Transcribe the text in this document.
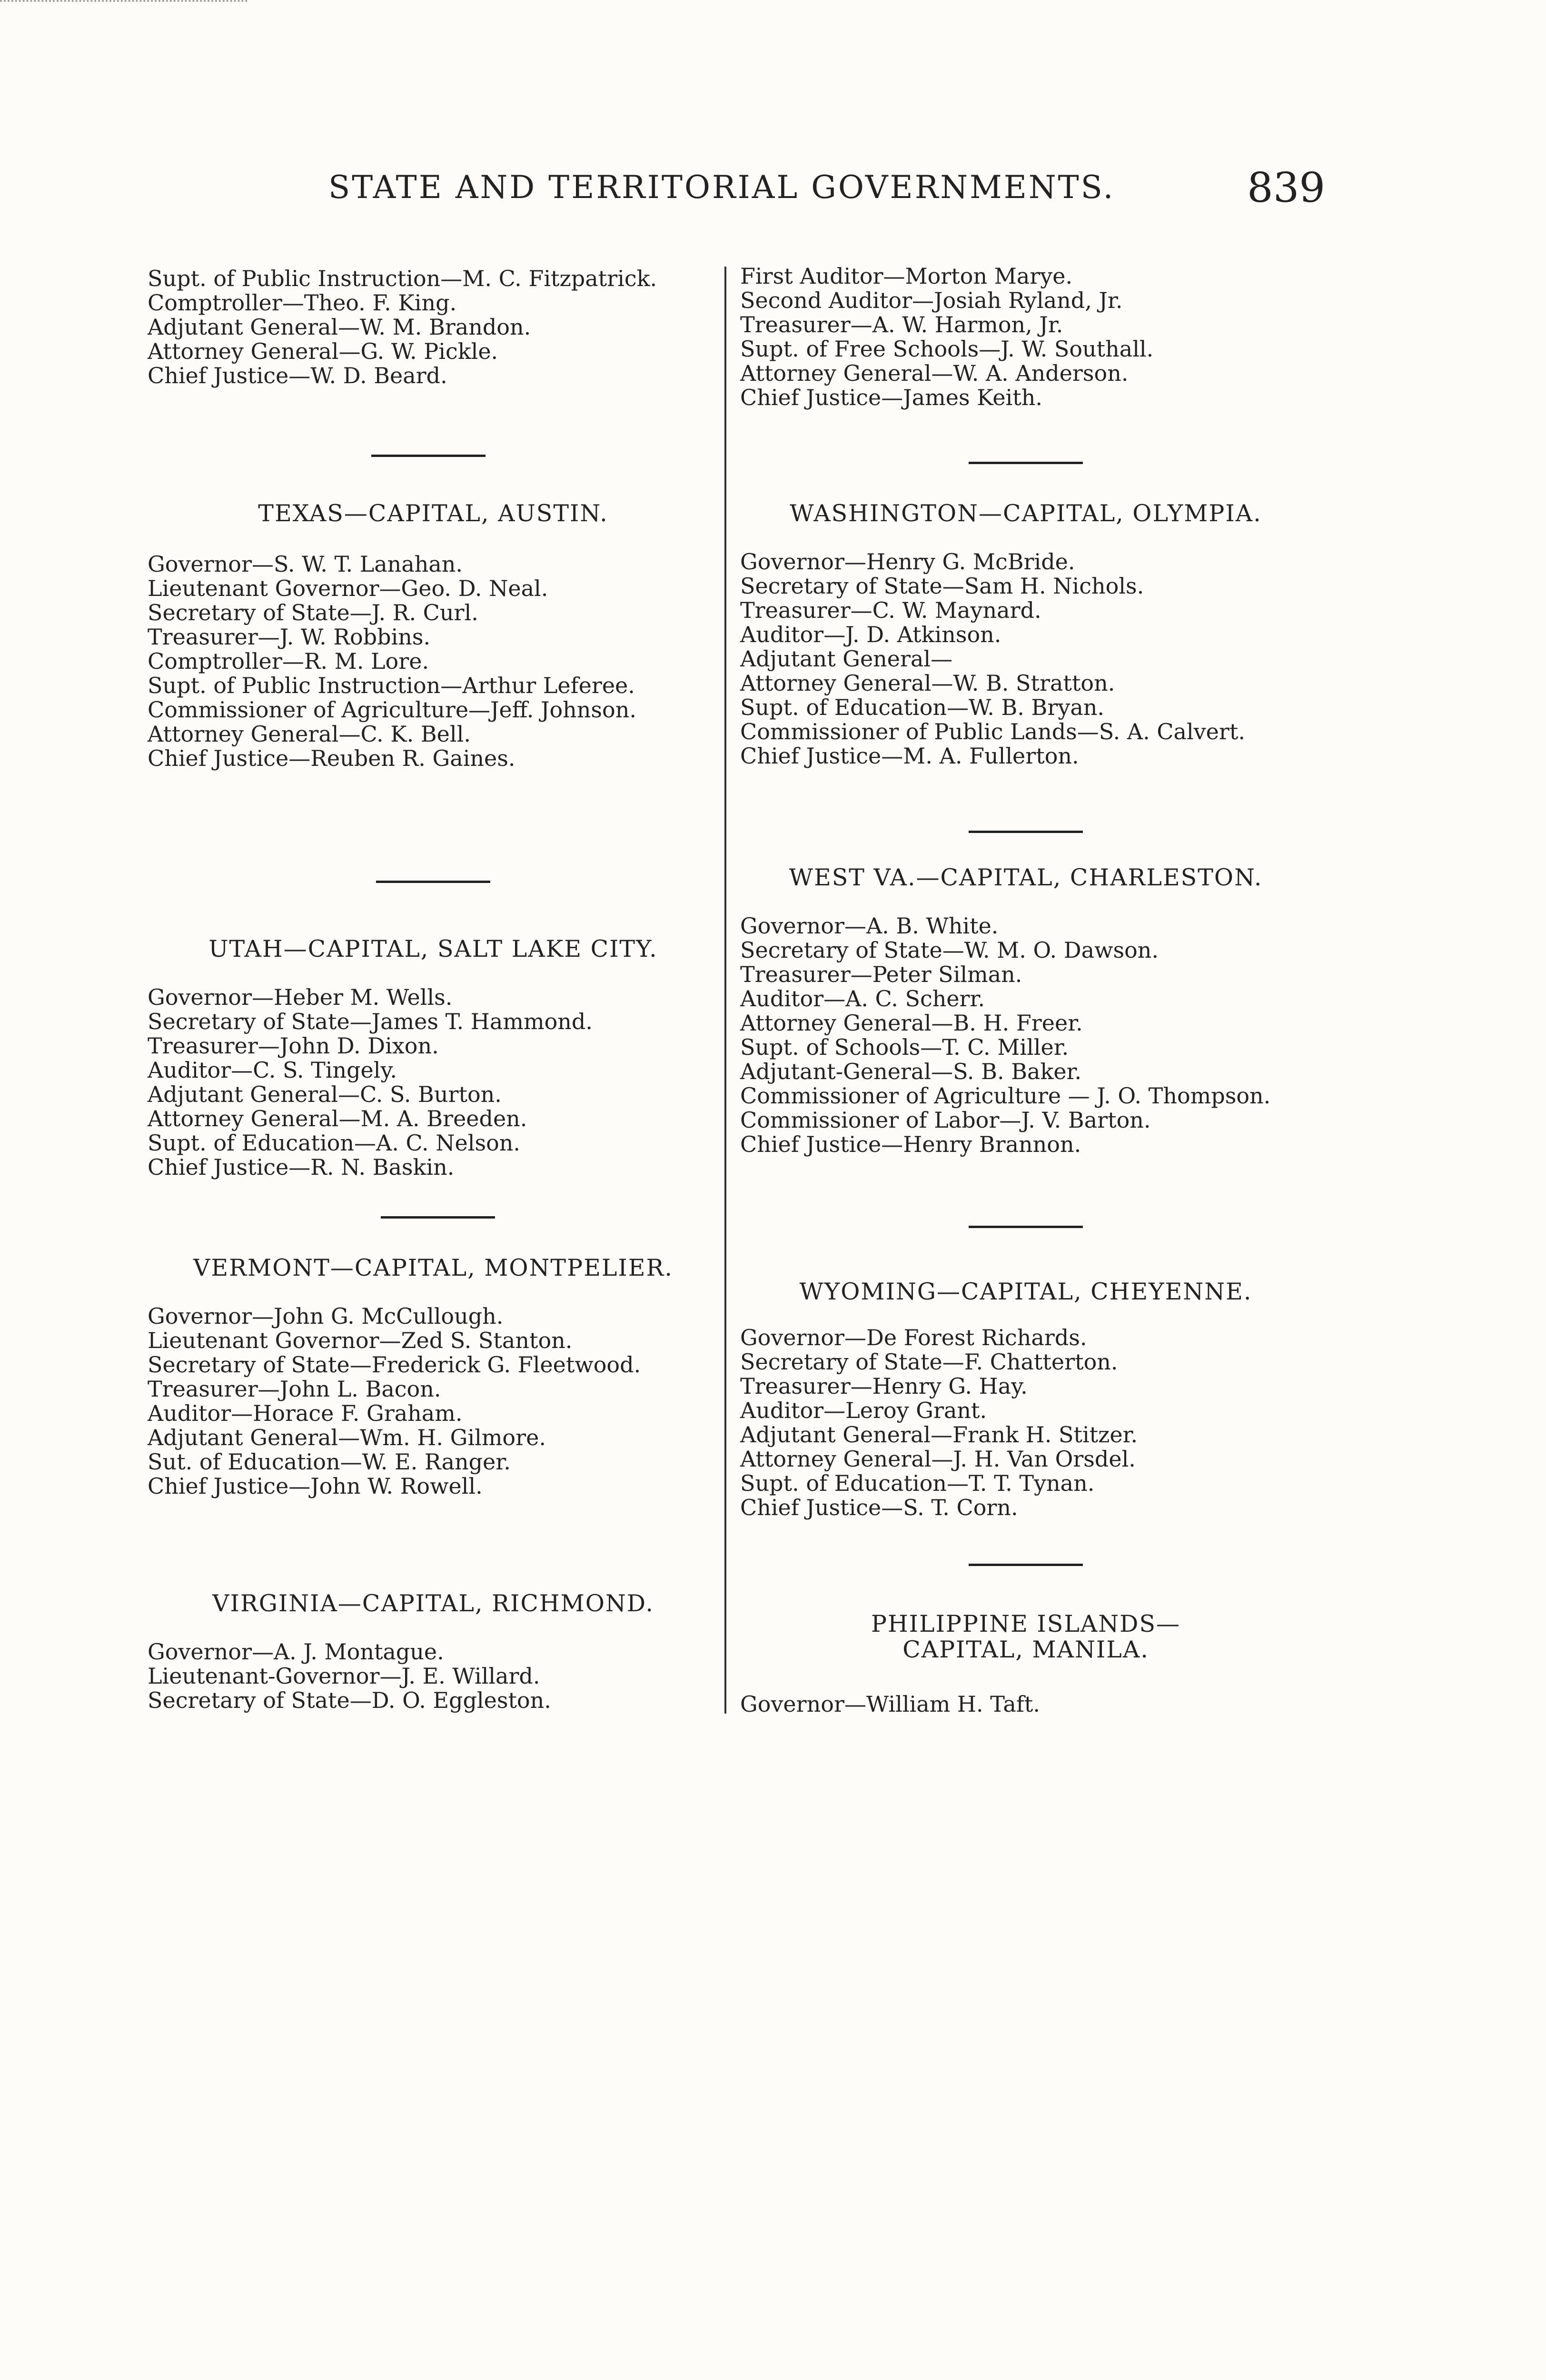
STATE AND TERRITORIAL GOVERNMENTS.	839
Supt. of Public Instruction—M. C. Fitzpatrick.
Comptroller—Theo. F. King.
Adjutant General—W. M. Brandon.
Attorney General—G. W. Pickle.
Chief Justice—W. D. Beard.
TEXAS—CAPITAL, AUSTIN.
Governor—S. W. T. Lanahan.
Lieutenant Governor—Geo. D. Neal.
Secretary of State—J. R. Curl.
Treasurer—J. W. Robbins.
Comptroller—R. M. Lore.
Supt. of Public Instruction—Arthur Leferee.
Commissioner of Agriculture—Jeff. Johnson.
Attorney General—C. K. Bell.
Chief Justice—Reuben R. Gaines.
UTAH—CAPITAL, SALT LAKE CITY.
Governor—Heber M. Wells.
Secretary of State—James T. Hammond.
Treasurer—John D. Dixon.
Auditor—C. S. Tingely.
Adjutant General—C. S. Burton.
Attorney General—M. A. Breeden.
Supt. of Education—A. C. Nelson.
Chief Justice—R. N. Baskin.
VERMONT—CAPITAL, MONTPELIER.
Governor—John G. McCullough.
Lieutenant Governor—Zed S. Stanton.
Secretary of State—Frederick G. Fleetwood.
Treasurer—John L. Bacon.
Auditor—Horace F. Graham.
Adjutant General—Wm. H. Gilmore.
Sut. of Education—W. E. Ranger.
Chief Justice—John W. Rowell.
VIRGINIA—CAPITAL, RICHMOND.
Governor—A. J. Montague.
Lieutenant-Governor—J. E. Willard.
Secretary of State—D. O. Eggleston.
First Auditor—Morton Marye.
Second Auditor—Josiah Ryland, Jr.
Treasurer—A. W. Harmon, Jr.
Supt. of Free Schools—J. W. Southall.
Attorney General—W. A. Anderson.
Chief Justice—James Keith.
WASHINGTON—CAPITAL, OLYMPIA.
Governor—Henry G. McBride.
Secretary of State—Sam H. Nichols.
Treasurer—C. W. Maynard.
Auditor—J. D. Atkinson.
Adjutant General—
Attorney General—W. B. Stratton.
Supt. of Education—W. B. Bryan.
Commissioner of Public Lands—S. A. Calvert.
Chief Justice—M. A. Fullerton.
WEST VA.—CAPITAL, CHARLESTON.
Governor—A. B. White.
Secretary of State—W. M. O. Dawson.
Treasurer—Peter Silman.
Auditor—A. C. Scherr.
Attorney General—B. H. Freer.
Supt. of Schools—T. C. Miller.
Adjutant-General—S. B. Baker.
Commissioner of Agriculture — J. O. Thompson.
Commissioner of Labor—J. V. Barton.
Chief Justice—Henry Brannon.
WYOMING—CAPITAL, CHEYENNE.
Governor—De Forest Richards.
Secretary of State—F. Chatterton.
Treasurer—Henry G. Hay.
Auditor—Leroy Grant.
Adjutant General—Frank H. Stitzer.
Attorney General—J. H. Van Orsdel.
Supt. of Education—T. T. Tynan.
Chief Justice—S. T. Corn.
PHILIPPINE ISLANDS—CAPITAL, MANILA.
Governor—William H. Taft.
